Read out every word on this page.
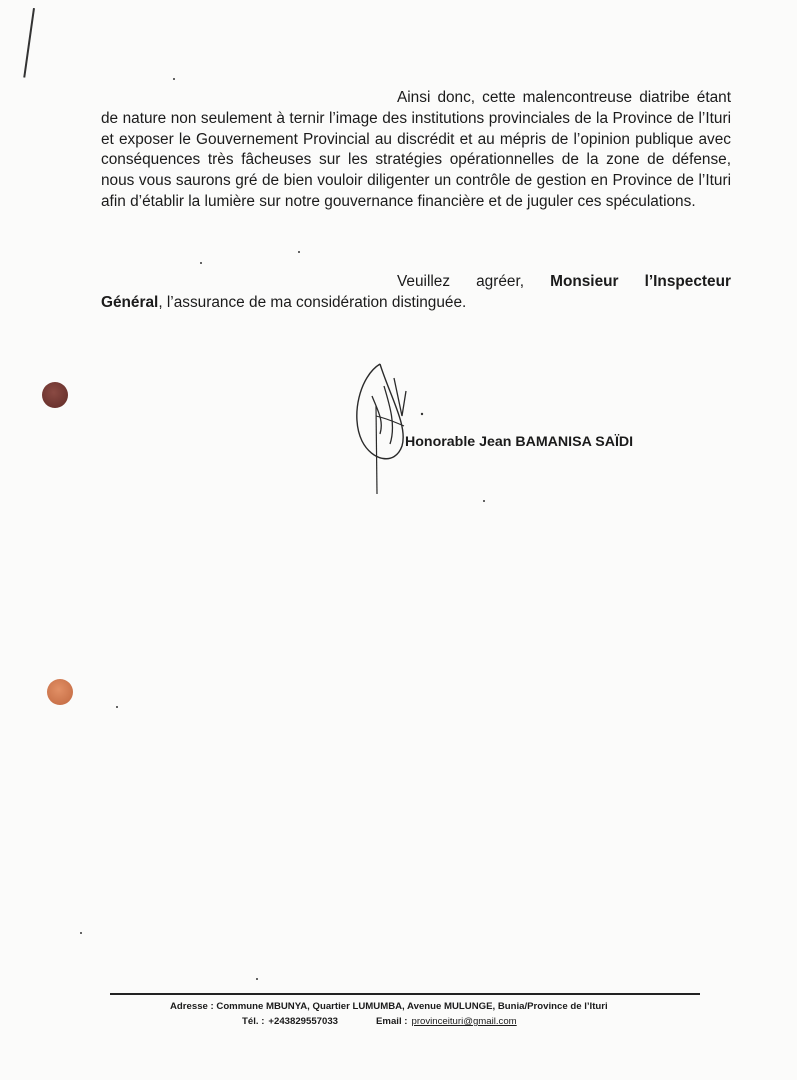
Ainsi donc, cette malencontreuse diatribe étant de nature non seulement à ternir l’image des institutions provinciales de la Province de l’Ituri et exposer le Gouvernement Provincial au discrédit et au mépris de l’opinion publique avec conséquences très fâcheuses sur les stratégies opérationnelles de la zone de défense, nous vous saurons gré de bien vouloir diligenter un contrôle de gestion en Province de l’Ituri afin d’établir la lumière sur notre gouvernance financière et de juguler ces spéculations.

Veuillez agréer, Monsieur l’Inspecteur Général, l’assurance de ma considération distinguée.

Honorable Jean BAMANISA SAÏDI
Adresse : Commune MBUNYA, Quartier LUMUMBA, Avenue MULUNGE, Bunia/Province de l’Ituri
Tél. : +243829557033	Email : provinceituri@gmail.com
